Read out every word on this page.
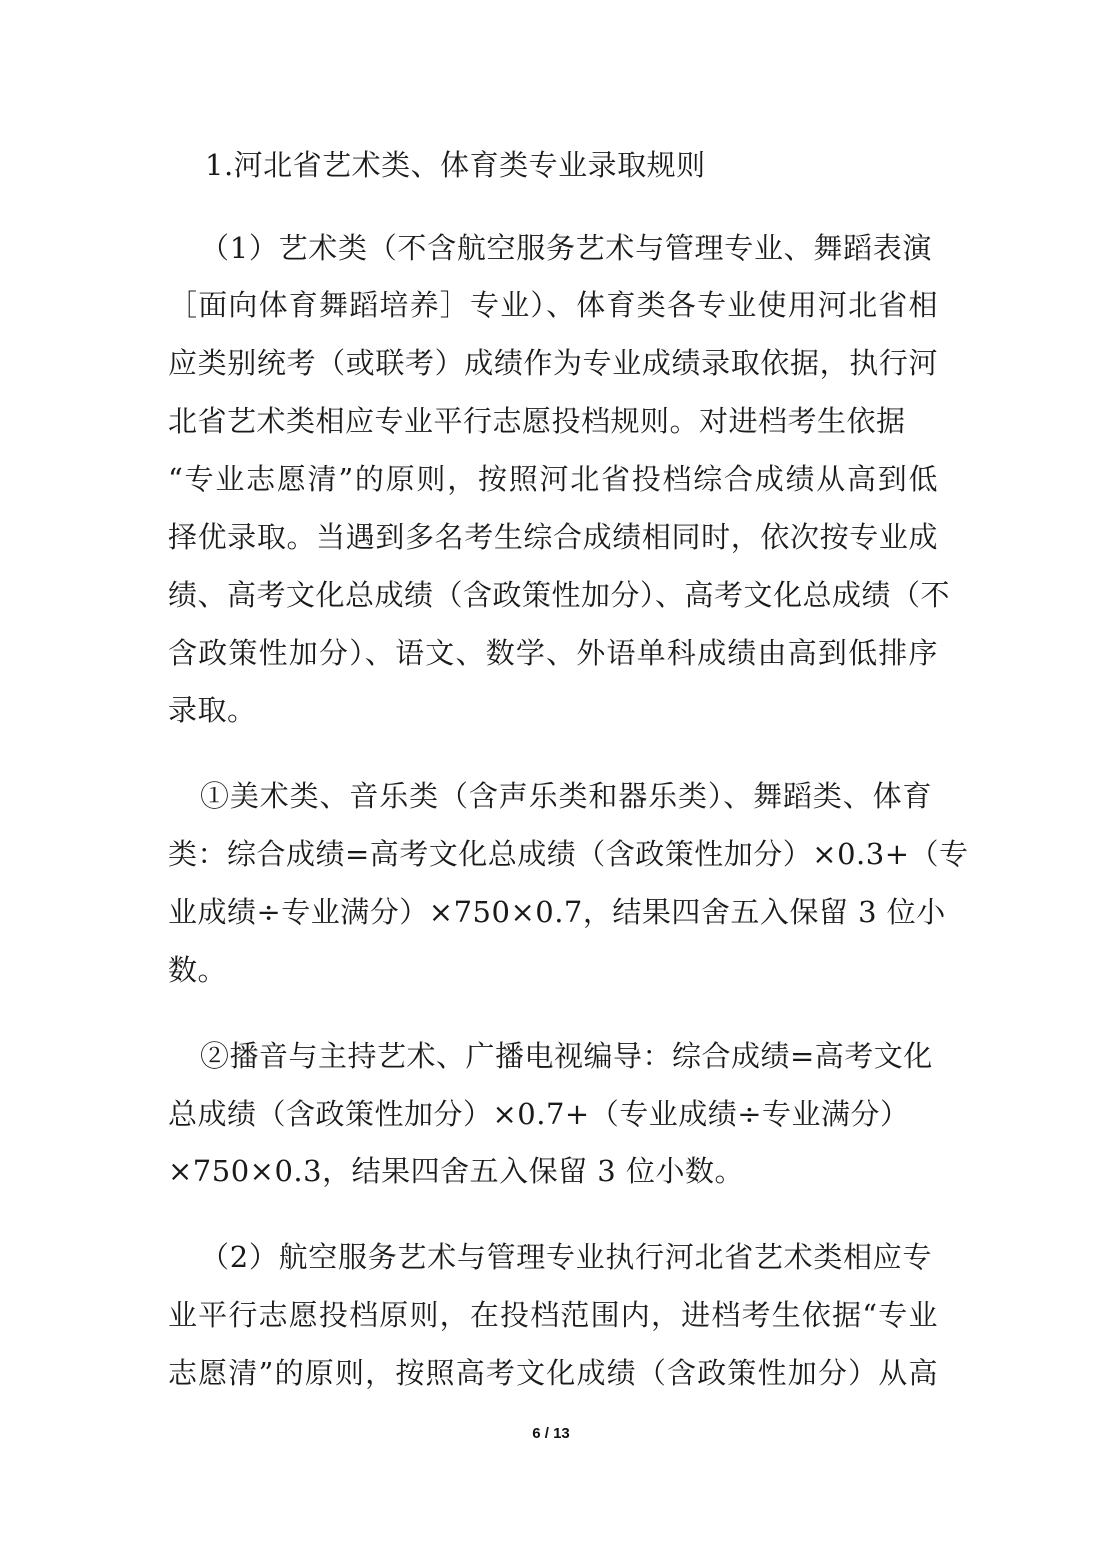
1.河北省艺术类、体育类专业录取规则
（1）艺术类（不含航空服务艺术与管理专业、舞蹈表演
［面向体育舞蹈培养］专业）、体育类各专业使用河北省相
应类别统考（或联考）成绩作为专业成绩录取依据，执行河
北省艺术类相应专业平行志愿投档规则。对进档考生依据
“专业志愿清”的原则，按照河北省投档综合成绩从高到低
择优录取。当遇到多名考生综合成绩相同时，依次按专业成
绩、高考文化总成绩（含政策性加分）、高考文化总成绩（不
含政策性加分）、语文、数学、外语单科成绩由高到低排序
录取。
①美术类、音乐类（含声乐类和器乐类）、舞蹈类、体育
类：综合成绩=高考文化总成绩（含政策性加分）×0.3+（专
业成绩÷专业满分）×750×0.7，结果四舍五入保留 3 位小
数。
②播音与主持艺术、广播电视编导：综合成绩=高考文化
总成绩（含政策性加分）×0.7+（专业成绩÷专业满分）
×750×0.3，结果四舍五入保留 3 位小数。
（2）航空服务艺术与管理专业执行河北省艺术类相应专
业平行志愿投档原则，在投档范围内，进档考生依据“专业
志愿清”的原则，按照高考文化成绩（含政策性加分）从高
6 / 13
